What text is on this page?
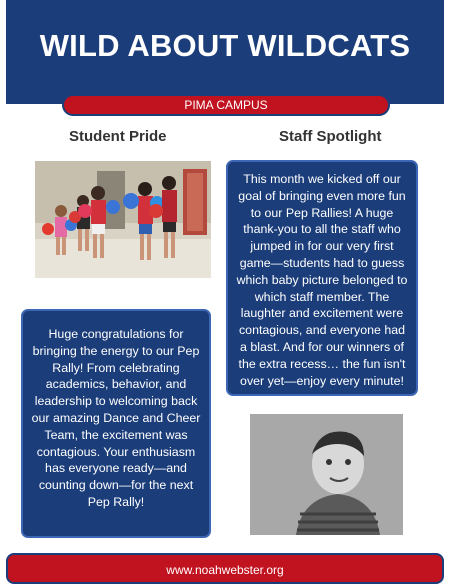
WILD ABOUT WILDCATS
PIMA CAMPUS
Student Pride	Staff Spotlight
This month we kicked off our goal of bringing even more fun to our Pep Rallies! A huge thank-you to all the staff who jumped in for our very first game—students had to guess which baby picture belonged to which staff member. The laughter and excitement were contagious, and everyone had a blast. And for our winners of the extra recess… the fun isn't over yet—enjoy every minute!
Huge congratulations for bringing the energy to our Pep Rally! From celebrating academics, behavior, and leadership to welcoming back our amazing Dance and Cheer Team, the excitement was contagious. Your enthusiasm has everyone ready—and counting down—for the next Pep Rally!
www.noahwebster.org
